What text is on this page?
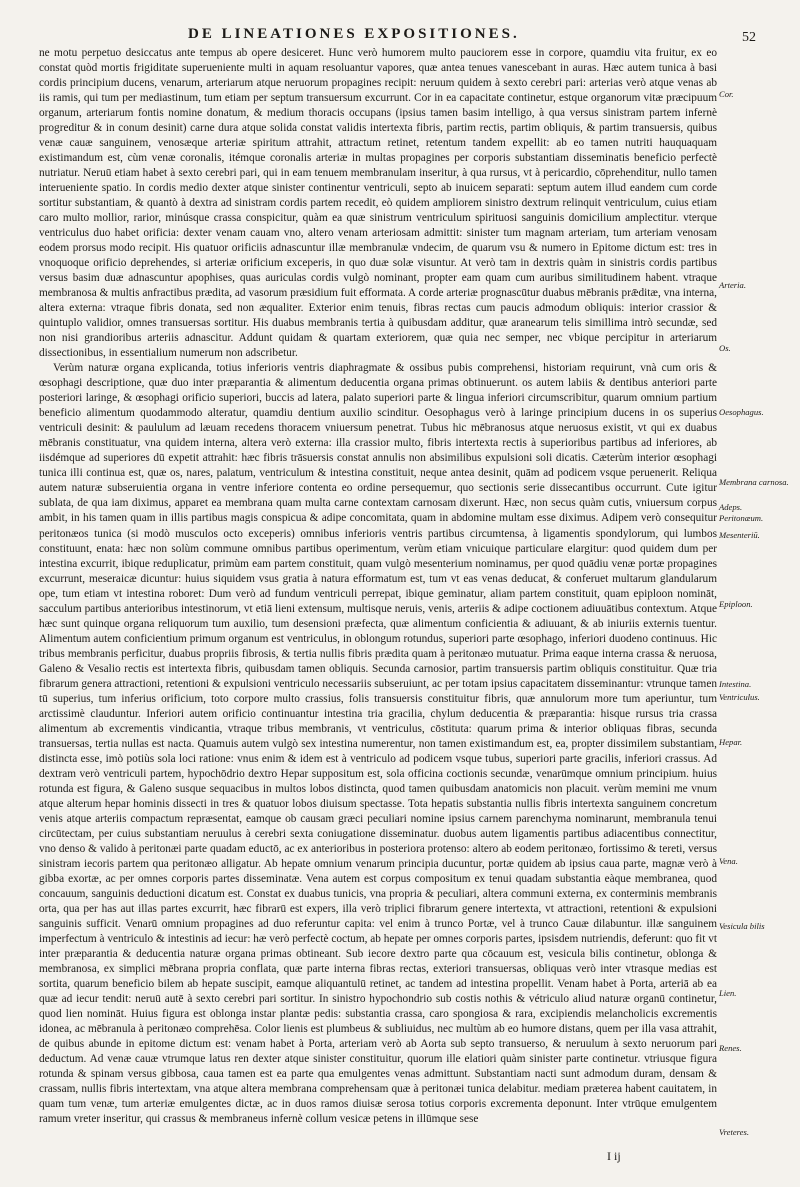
DE LINEATIONES EXPOSITIONES.	52

ne motu perpetuo desiccatus ante tempus ab opere desiceret. Hunc verò humorem multo pauciorem esse in corpore, quamdiu vita fruitur, ex eo constat quòd mortis frigiditate superueniente multi in aquam resoluantur vapores, quæ antea tenues vanescebant in auras. Hæc autem tunica à basi cordis principium ducens, venarum, arteriarum atque neruorum propagines recipit: neruum quidem à sexto cerebri pari: arterias verò atque venas ab iis ramis, qui tum per mediastinum, tum etiam per septum transuersum excurrunt. Cor in ea capacitate continetur, estque organorum vitæ præcipuum organum, arteriarum fontis nomine donatum, & medium thoracis occupans (ipsius tamen basim intelligo, à qua versus sinistram partem infernè progreditur & in conum desinit) carne dura atque solida constat validis intertexta fibris, partim rectis, partim obliquis, & partim transuersis, quibus venæ cauæ sanguinem, venosæque arteriæ spiritum attrahit, attractum retinet, retentum tandem expellit: ab eo tamen nutriti hauquaquam existimandum est, cùm venæ coronalis, itémque coronalis arteriæ in multas propagines per corporis substantiam disseminatis beneficio perfectè nutriatur. Neruū etiam habet à sexto cerebri pari, qui in eam tenuem membranulam inseritur, à qua rursus, vt à pericardio, cōprehenditur, nullo tamen interueniente spatio. In cordis medio dexter atque sinister continentur ventriculi, septo ab inuicem separati: septum autem illud eandem cum corde sortitur substantiam, & quantò à dextra ad sinistram cordis partem recedit, eò quidem ampliorem sinistro dextrum relinquit ventriculum, cuius etiam caro multo mollior, rarior, minúsque crassa conspicitur, quàm ea quæ sinistrum ventriculum spirituosi sanguinis domicilium amplectitur. vterque ventriculus duo habet orificia: dexter venam cauam vno, altero venam arteriosam admittit: sinister tum magnam arteriam, tum arteriam venosam eodem prorsus modo recipit. His quatuor orificiis adnascuntur illæ membranulæ vndecim, de quarum vsu & numero in Epitome dictum est: tres in vnoquoque orificio deprehendes, si arteriæ orificium exceperis, in quo duæ solæ visuntur. At verò tam in dextris quàm in sinistris cordis partibus versus basim duæ adnascuntur apophises, quas auriculas cordis vulgò nominant, propter eam quam cum auribus similitudinem habent. vtraque membranosa & multis anfractibus prædita, ad vasorum præsidium fuit efformata. A corde arteriæ prognascūtur duabus mēbranis prǣditæ, vna interna, altera externa: vtraque fibris donata, sed non æqualiter. Exterior enim tenuis, fibras rectas cum paucis admodum obliquis: interior crassior & quintuplo validior, omnes transuersas sortitur. His duabus membranis tertia à quibusdam additur, quæ aranearum telis simillima intrò secundæ, sed non nisi grandioribus arteriis adnascitur. Addunt quidam & quartam exteriorem, quæ quia nec semper, nec vbique percipitur in arteriarum dissectionibus, in essentialium numerum non adscribetur.

Verùm naturæ organa explicanda, totius inferioris ventris diaphragmate & ossibus pubis comprehensi, historiam requirunt, vnà cum oris & œsophagi descriptione, quæ duo inter præparantia & alimentum deducentia organa primas obtinuerunt. os autem labiis & dentibus anteriori parte posteriori laringe, & œsophagi orificio superiori, buccis ad latera, palato superiori parte & lingua inferiori circumscribitur, quarum omnium partium beneficio alimentum quodammodo alteratur, quamdiu dentium auxilio scinditur. Oesophagus verò à laringe principium ducens in os superius ventriculi desinit: & paululum ad læuam recedens thoracem vniuersum penetrat. Tubus hic mēbranosus atque neruosus existit, vt qui ex duabus mēbranis constituatur, vna quidem interna, altera verò externa: illa crassior multo, fibris intertexta rectis à superioribus partibus ad inferiores, ab iisdémque ad superiores dū expetit attrahit: hæc fibris trāsuersis constat annulis non absimilibus expulsioni soli dicatis. Cæterùm interior œsophagi tunica illi continua est, quæ os, nares, palatum, ventriculum & intestina constituit, neque antea desinit, quām ad podicem vsque peruenerit. Reliqua autem naturæ subseruientia organa in ventre inferiore contenta eo ordine persequemur, quo sectionis serie dissecantibus occurrunt. Cute igitur sublata, de qua iam diximus, apparet ea membrana quam multa carne contextam carnosam dixerunt. Hæc, non secus quàm cutis, vniuersum corpus ambit, in his tamen quam in illis partibus magis conspicua & adipe concomitata, quam in abdomine multam esse diximus. Adipem verò consequitur peritonæos tunica (si modò musculos octo exceperis) omnibus inferioris ventris partibus circumtensa, à ligamentis spondylorum, qui lumbos constituunt, enata: hæc non solùm commune omnibus partibus operimentum, verùm etiam vnicuique particulare elargitur: quod quidem dum per intestina excurrit, ibique reduplicatur, primùm eam partem constituit, quam vulgò mesenterium nominamus, per quod quādiu venæ portæ propagines excurrunt, meseraicæ dicuntur: huius siquidem vsus gratia à natura efformatum est, tum vt eas venas deducat, & conferuet multarum glandularum ope, tum etiam vt intestina roboret: Dum verò ad fundum ventriculi perrepat, ibique geminatur, aliam partem constituit, quam epiploon nomināt, sacculum partibus anterioribus intestinorum, vt etiā lieni extensum, multisque neruis, venis, arteriis & adipe coctionem adiuuātibus contextum. Atque hæc sunt quinque organa reliquorum tum auxilio, tum desensioni præfecta, quæ alimentum conficientia & adiuuant, & ab iniuriis externis tuentur. Alimentum autem conficientium primum organum est ventriculus, in oblongum rotundus, superiori parte œsophago, inferiori duodeno continuus. Hic tribus membranis perficitur, duabus propriis fibrosis, & tertia nullis fibris prædita quam à peritonæo mutuatur. Prima eaque interna crassa & neruosa, Galeno & Vesalio rectis est intertexta fibris, quibusdam tamen obliquis. Secunda carnosior, partim transuersis partim obliquis constituitur. Quæ tria fibrarum genera attractioni, retentioni & expulsioni ventriculo necessariis subseruiunt, ac per totam ipsius capacitatem disseminantur: vtrunque tamen tū superius, tum inferius orificium, toto corpore multo crassius, folis transuersis constituitur fibris, quæ annulorum more tum aperiuntur, tum arctissimè clauduntur. Inferiori autem orificio continuantur intestina tria gracilia, chylum deducentia & præparantia: hisque rursus tria crassa alimentum ab excrementis vindicantia, vtraque tribus membranis, vt ventriculus, cōstituta: quarum prima & interior obliquas fibras, secunda transuersas, tertia nullas est nacta. Quamuis autem vulgò sex intestina numerentur, non tamen existimandum est, ea, propter dissimilem substantiam, distincta esse, imò potiùs sola loci ratione: vnus enim & idem est à ventriculo ad podicem vsque tubus, superiori parte gracilis, inferiori crassus. Ad dextram verò ventriculi partem, hypochōdrio dextro Hepar suppositum est, sola officina coctionis secundæ, venarūmque omnium principium. huius rotunda est figura, & Galeno susque sequacibus in multos lobos distincta, quod tamen quibusdam anatomicis non placuit. verùm memini me vnum atque alterum hepar hominis dissecti in tres & quatuor lobos diuisum spectasse. Tota hepatis substantia nullis fibris intertexta sanguinem concretum venis atque arteriis compactum repræsentat, eamque ob causam græci peculiari nomine ipsius carnem parenchyma nominarunt, membranula tenui circūtectam, per cuius substantiam neruulus à cerebri sexta coniugatione disseminatur. duobus autem ligamentis partibus adiacentibus connectitur, vno denso & valido à peritonæi parte quadam eductō, ac ex anterioribus in posteriora protenso: altero ab eodem peritonæo, fortissimo & tereti, versus sinistram iecoris partem qua peritonæo alligatur. Ab hepate omnium venarum principia ducuntur, portæ quidem ab ipsius caua parte, magnæ verò à gibba exortæ, ac per omnes corporis partes disseminatæ. Vena autem est corpus compositum ex tenui quadam substantia eàque membranea, quod concauum, sanguinis deductioni dicatum est. Constat ex duabus tunicis, vna propria & peculiari, altera communi externa, ex conterminis membranis orta, qua per has aut illas partes excurrit, hæc fibrarū est expers, illa verò triplici fibrarum genere intertexta, vt attractioni, retentioni & expulsioni sanguinis sufficit. Venarū omnium propagines ad duo referuntur capita: vel enim à trunco Portæ, vel à trunco Cauæ dilabuntur. illæ sanguinem imperfectum à ventriculo & intestinis ad iecur: hæ verò perfectè coctum, ab hepate per omnes corporis partes, ipsisdem nutriendis, deferunt: quo fit vt inter præparantia & deducentia naturæ organa primas obtineant. Sub iecore dextro parte qua cōcauum est, vesicula bilis continetur, oblonga & membranosa, ex simplici mēbrana propria conflata, quæ parte interna fibras rectas, exteriori transuersas, obliquas verò inter vtrasque medias est sortita, quarum beneficio bilem ab hepate suscipit, eamque aliquantulū retinet, ac tandem ad intestina propellit. Venam habet à Porta, arteriā ab ea quæ ad iecur tendit: neruū autē à sexto cerebri pari sortitur. In sinistro hypochondrio sub costis nothis & vétriculo aliud naturæ organū continetur, quod lien nomināt. Huius figura est oblonga instar plantæ pedis: substantia crassa, caro spongiosa & rara, excipiendis melancholicis excrementis idonea, ac mēbranula à peritonæo comprehēsa. Color lienis est plumbeus & subliuidus, nec multùm ab eo humore distans, quem per illa vasa attrahit, de quibus abunde in epitome dictum est: venam habet à Porta, arteriam verò ab Aorta sub septo transuerso, & neruulum à sexto neruorum pari deductum. Ad venæ cauæ vtrumque latus ren dexter atque sinister constituitur, quorum ille elatiori quàm sinister parte continetur. vtriusque figura rotunda & spinam versus gibbosa, caua tamen est ea parte qua emulgentes venas admittunt. Substantiam nacti sunt admodum duram, densam & crassam, nullis fibris intertextam, vna atque altera membrana comprehensam quæ à peritonæi tunica delabitur. mediam præterea habent cauitatem, in quam tum venæ, tum arteriæ emulgentes dictæ, ac in duos ramos diuisæ serosa totius corporis excrementa deponunt. Inter vtrūque emulgentem ramum vreter inseritur, qui crassus & membraneus infernè collum vesicæ petens in illūmque sese

Cor.
Arteria.
Os.
Oesophagus.
Membrana carnosa.
Adeps.
Peritonæum.
Mesenteriū.
Epiploon.
Intestina.
Ventriculus.
Hepar.
Vena.
Vesicula bilis
Lien.
Renes.
Vreteres.
I ij
